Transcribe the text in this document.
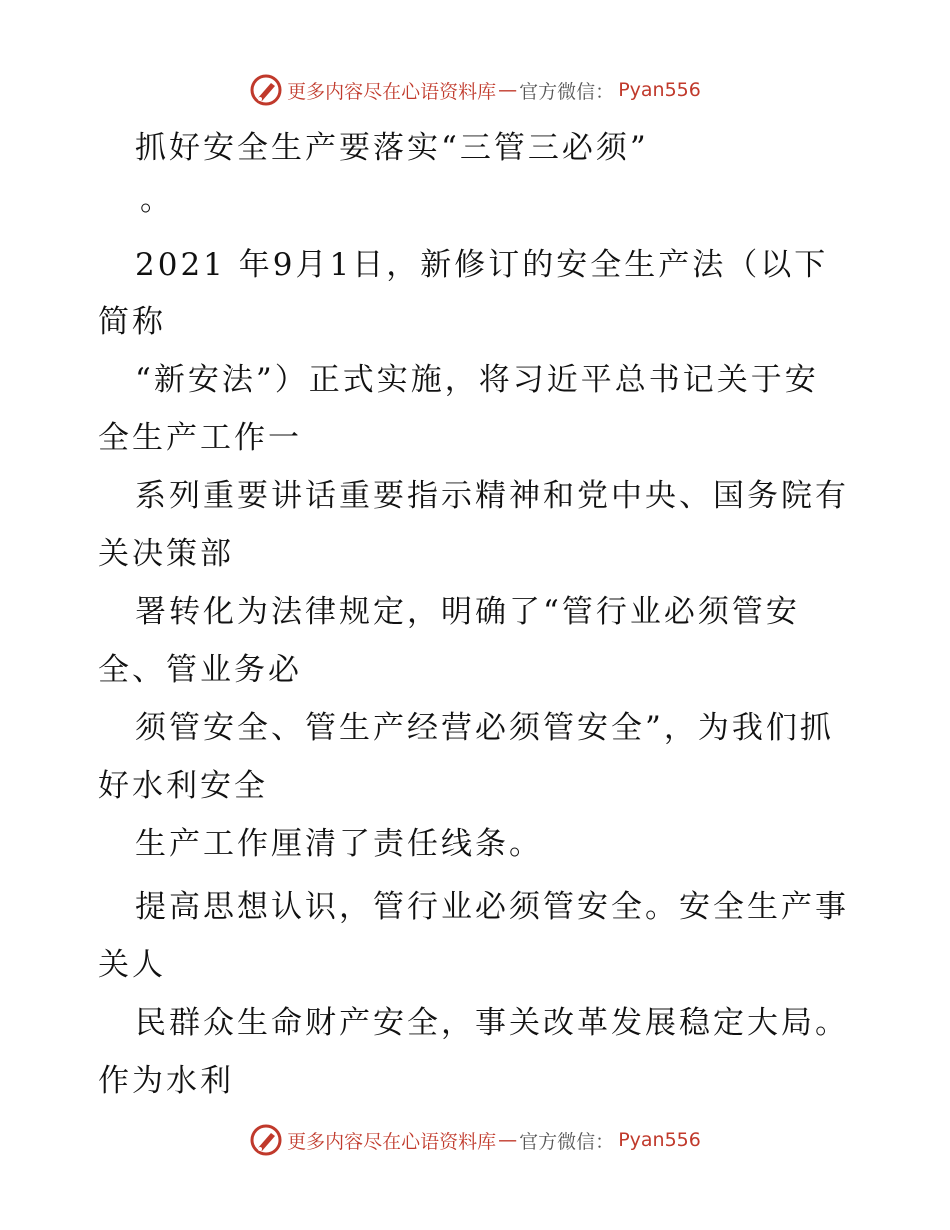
更多内容尽在心语资料库 — 官方微信： Pyan556
抓好安全生产要落实“三管三必须”
。
2021 年9月1日，新修订的安全生产法（以下
简称
“新安法”）正式实施，将习近平总书记关于安
全生产工作一
系列重要讲话重要指示精神和党中央、国务院有
关决策部
署转化为法律规定，明确了“管行业必须管安
全、管业务必
须管安全、管生产经营必须管安全”，为我们抓
好水利安全
生产工作厘清了责任线条。
提高思想认识，管行业必须管安全。安全生产事
关人
民群众生命财产安全，事关改革发展稳定大局。
作为水利
更多内容尽在心语资料库 — 官方微信： Pyan556
